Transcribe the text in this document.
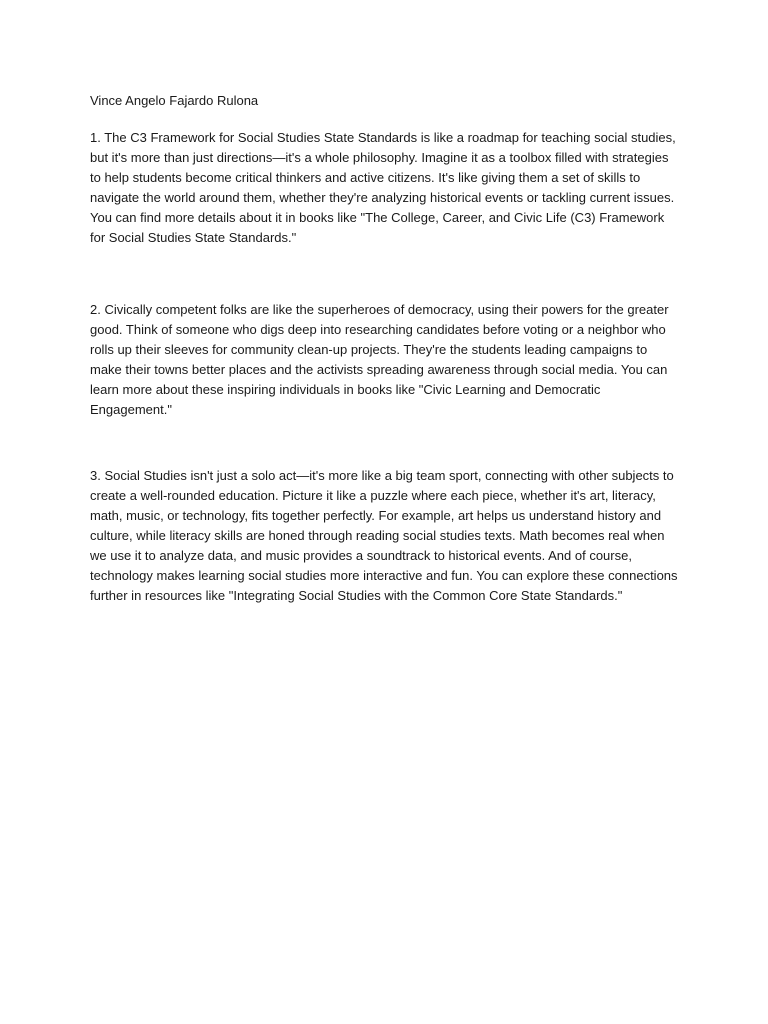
Vince Angelo Fajardo Rulona

1. The C3 Framework for Social Studies State Standards is like a roadmap for teaching social studies, but it's more than just directions—it's a whole philosophy. Imagine it as a toolbox filled with strategies to help students become critical thinkers and active citizens. It's like giving them a set of skills to navigate the world around them, whether they're analyzing historical events or tackling current issues. You can find more details about it in books like "The College, Career, and Civic Life (C3) Framework for Social Studies State Standards."

2. Civically competent folks are like the superheroes of democracy, using their powers for the greater good. Think of someone who digs deep into researching candidates before voting or a neighbor who rolls up their sleeves for community clean-up projects. They're the students leading campaigns to make their towns better places and the activists spreading awareness through social media. You can learn more about these inspiring individuals in books like "Civic Learning and Democratic Engagement."

3. Social Studies isn't just a solo act—it's more like a big team sport, connecting with other subjects to create a well-rounded education. Picture it like a puzzle where each piece, whether it's art, literacy, math, music, or technology, fits together perfectly. For example, art helps us understand history and culture, while literacy skills are honed through reading social studies texts. Math becomes real when we use it to analyze data, and music provides a soundtrack to historical events. And of course, technology makes learning social studies more interactive and fun. You can explore these connections further in resources like "Integrating Social Studies with the Common Core State Standards."
